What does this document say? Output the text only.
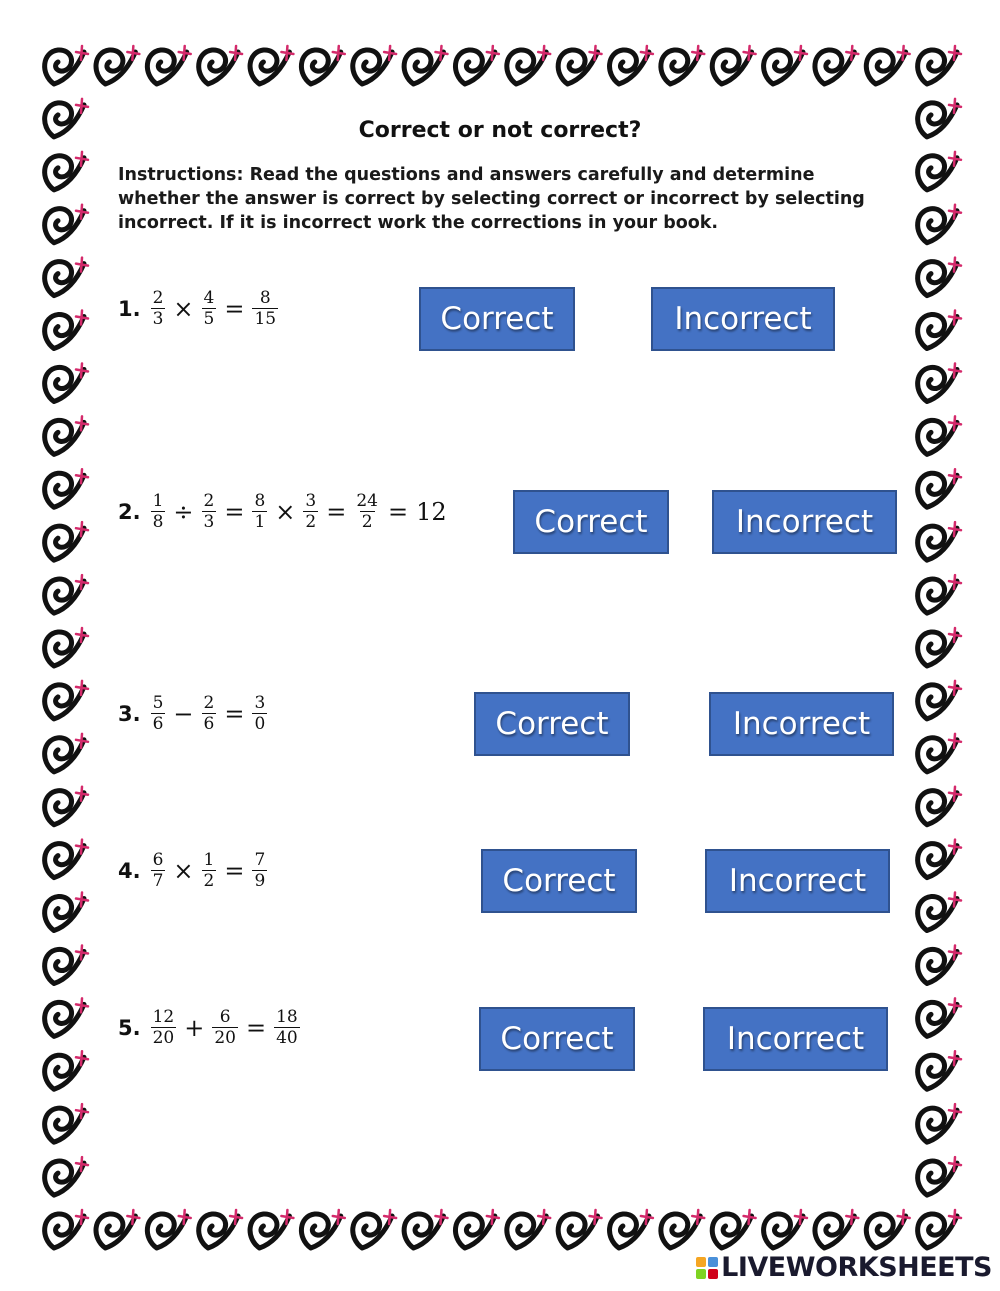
Correct or not correct?
Instructions: Read the questions and answers carefully and determine whether the answer is correct by selecting correct or incorrect by selecting incorrect. If it is incorrect work the corrections in your book.
1. $\frac{2}{3} \times \frac{4}{5} = \frac{8}{15}$	Correct	Incorrect
2. $\frac{1}{8} \div \frac{2}{3} = \frac{8}{1} \times \frac{3}{2} = \frac{24}{2} = 12$	Correct	Incorrect
3. $\frac{5}{6} - \frac{2}{6} = \frac{3}{0}$	Correct	Incorrect
4. $\frac{6}{7} \times \frac{1}{2} = \frac{7}{9}$	Correct	Incorrect
5. $\frac{12}{20} + \frac{6}{20} = \frac{18}{40}$	Correct	Incorrect
LIVEWORKSHEETS
